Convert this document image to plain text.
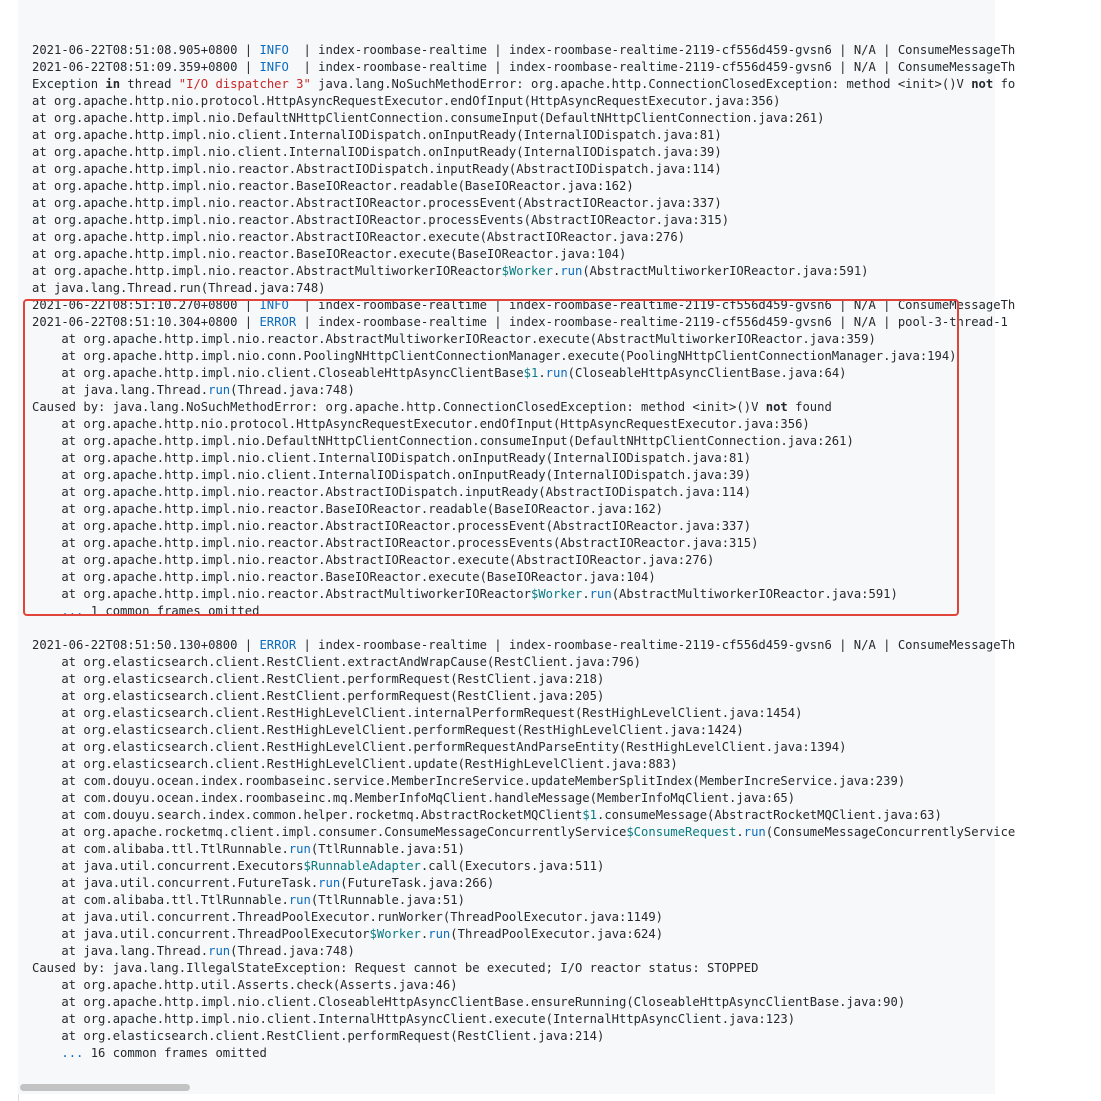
2021-06-22T08:51:08.905+0800 | INFO  | index-roombase-realtime | index-roombase-realtime-2119-cf556d459-gvsn6 | N/A | ConsumeMessageTh
2021-06-22T08:51:09.359+0800 | INFO  | index-roombase-realtime | index-roombase-realtime-2119-cf556d459-gvsn6 | N/A | ConsumeMessageTh
Exception in thread "I/O dispatcher 3" java.lang.NoSuchMethodError: org.apache.http.ConnectionClosedException: method <init>()V not fo
at org.apache.http.nio.protocol.HttpAsyncRequestExecutor.endOfInput(HttpAsyncRequestExecutor.java:356)
at org.apache.http.impl.nio.DefaultNHttpClientConnection.consumeInput(DefaultNHttpClientConnection.java:261)
at org.apache.http.impl.nio.client.InternalIODispatch.onInputReady(InternalIODispatch.java:81)
at org.apache.http.impl.nio.client.InternalIODispatch.onInputReady(InternalIODispatch.java:39)
at org.apache.http.impl.nio.reactor.AbstractIODispatch.inputReady(AbstractIODispatch.java:114)
at org.apache.http.impl.nio.reactor.BaseIOReactor.readable(BaseIOReactor.java:162)
at org.apache.http.impl.nio.reactor.AbstractIOReactor.processEvent(AbstractIOReactor.java:337)
at org.apache.http.impl.nio.reactor.AbstractIOReactor.processEvents(AbstractIOReactor.java:315)
at org.apache.http.impl.nio.reactor.AbstractIOReactor.execute(AbstractIOReactor.java:276)
at org.apache.http.impl.nio.reactor.BaseIOReactor.execute(BaseIOReactor.java:104)
at org.apache.http.impl.nio.reactor.AbstractMultiworkerIOReactor$Worker.run(AbstractMultiworkerIOReactor.java:591)
at java.lang.Thread.run(Thread.java:748)
2021-06-22T08:51:10.270+0800 | INFO  | index-roombase-realtime | index-roombase-realtime-2119-cf556d459-gvsn6 | N/A | ConsumeMessageTh
2021-06-22T08:51:10.304+0800 | ERROR | index-roombase-realtime | index-roombase-realtime-2119-cf556d459-gvsn6 | N/A | pool-3-thread-1
at org.apache.http.impl.nio.reactor.AbstractMultiworkerIOReactor.execute(AbstractMultiworkerIOReactor.java:359)
at org.apache.http.impl.nio.conn.PoolingNHttpClientConnectionManager.execute(PoolingNHttpClientConnectionManager.java:194)
at org.apache.http.impl.nio.client.CloseableHttpAsyncClientBase$1.run(CloseableHttpAsyncClientBase.java:64)
at java.lang.Thread.run(Thread.java:748)
Caused by: java.lang.NoSuchMethodError: org.apache.http.ConnectionClosedException: method <init>()V not found
at org.apache.http.nio.protocol.HttpAsyncRequestExecutor.endOfInput(HttpAsyncRequestExecutor.java:356)
at org.apache.http.impl.nio.DefaultNHttpClientConnection.consumeInput(DefaultNHttpClientConnection.java:261)
at org.apache.http.impl.nio.client.InternalIODispatch.onInputReady(InternalIODispatch.java:81)
at org.apache.http.impl.nio.client.InternalIODispatch.onInputReady(InternalIODispatch.java:39)
at org.apache.http.impl.nio.reactor.AbstractIODispatch.inputReady(AbstractIODispatch.java:114)
at org.apache.http.impl.nio.reactor.BaseIOReactor.readable(BaseIOReactor.java:162)
at org.apache.http.impl.nio.reactor.AbstractIOReactor.processEvent(AbstractIOReactor.java:337)
at org.apache.http.impl.nio.reactor.AbstractIOReactor.processEvents(AbstractIOReactor.java:315)
at org.apache.http.impl.nio.reactor.AbstractIOReactor.execute(AbstractIOReactor.java:276)
at org.apache.http.impl.nio.reactor.BaseIOReactor.execute(BaseIOReactor.java:104)
at org.apache.http.impl.nio.reactor.AbstractMultiworkerIOReactor$Worker.run(AbstractMultiworkerIOReactor.java:591)
... 1 common frames omitted

2021-06-22T08:51:50.130+0800 | ERROR | index-roombase-realtime | index-roombase-realtime-2119-cf556d459-gvsn6 | N/A | ConsumeMessageTh
at org.elasticsearch.client.RestClient.extractAndWrapCause(RestClient.java:796)
at org.elasticsearch.client.RestClient.performRequest(RestClient.java:218)
at org.elasticsearch.client.RestClient.performRequest(RestClient.java:205)
at org.elasticsearch.client.RestHighLevelClient.internalPerformRequest(RestHighLevelClient.java:1454)
at org.elasticsearch.client.RestHighLevelClient.performRequest(RestHighLevelClient.java:1424)
at org.elasticsearch.client.RestHighLevelClient.performRequestAndParseEntity(RestHighLevelClient.java:1394)
at org.elasticsearch.client.RestHighLevelClient.update(RestHighLevelClient.java:883)
at com.douyu.ocean.index.roombaseinc.service.MemberIncreService.updateMemberSplitIndex(MemberIncreService.java:239)
at com.douyu.ocean.index.roombaseinc.mq.MemberInfoMqClient.handleMessage(MemberInfoMqClient.java:65)
at com.douyu.search.index.common.helper.rocketmq.AbstractRocketMQClient$1.consumeMessage(AbstractRocketMQClient.java:63)
at org.apache.rocketmq.client.impl.consumer.ConsumeMessageConcurrentlyService$ConsumeRequest.run(ConsumeMessageConcurrentlyService
at com.alibaba.ttl.TtlRunnable.run(TtlRunnable.java:51)
at java.util.concurrent.Executors$RunnableAdapter.call(Executors.java:511)
at java.util.concurrent.FutureTask.run(FutureTask.java:266)
at com.alibaba.ttl.TtlRunnable.run(TtlRunnable.java:51)
at java.util.concurrent.ThreadPoolExecutor.runWorker(ThreadPoolExecutor.java:1149)
at java.util.concurrent.ThreadPoolExecutor$Worker.run(ThreadPoolExecutor.java:624)
at java.lang.Thread.run(Thread.java:748)
Caused by: java.lang.IllegalStateException: Request cannot be executed; I/O reactor status: STOPPED
at org.apache.http.util.Asserts.check(Asserts.java:46)
at org.apache.http.impl.nio.client.CloseableHttpAsyncClientBase.ensureRunning(CloseableHttpAsyncClientBase.java:90)
at org.apache.http.impl.nio.client.InternalHttpAsyncClient.execute(InternalHttpAsyncClient.java:123)
at org.elasticsearch.client.RestClient.performRequest(RestClient.java:214)
... 16 common frames omitted
